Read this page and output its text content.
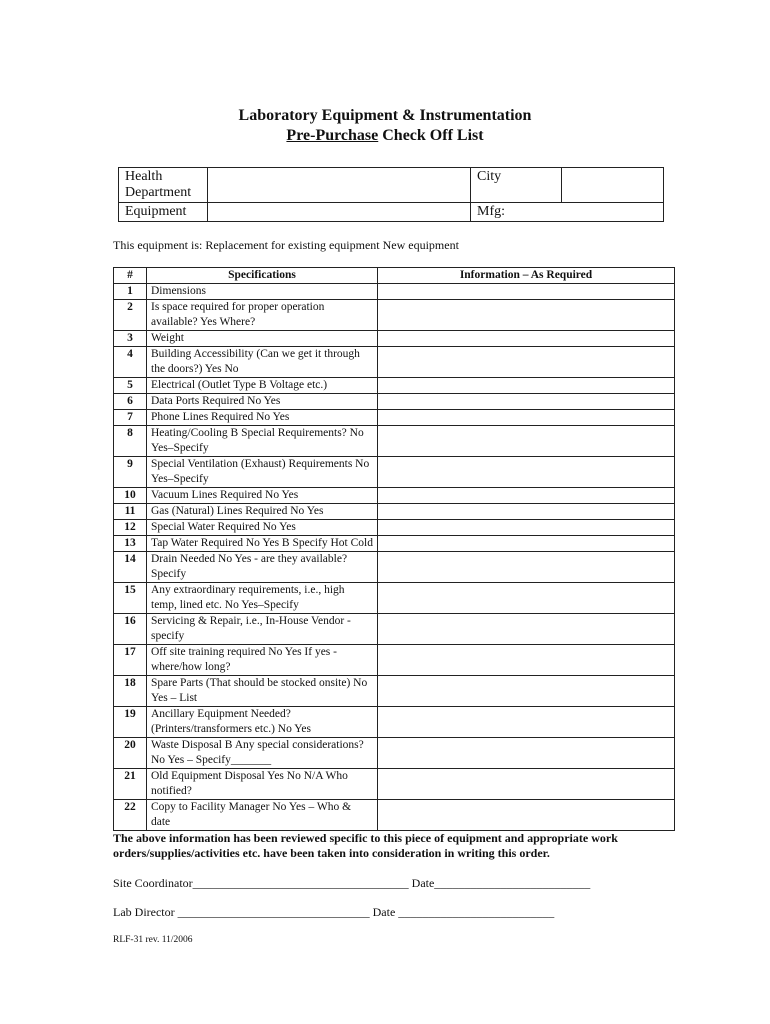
Laboratory Equipment & Instrumentation
Pre-Purchase Check Off List
Health Department		City	
Equipment		Mfg:	
This equipment is: Replacement for existing equipment New equipment
#	Specifications	Information – As Required
1	Dimensions	
2	Is space required for proper operation available? Yes Where?	
3	Weight	
4	Building Accessibility (Can we get it through the doors?) Yes No	
5	Electrical (Outlet Type B Voltage etc.)	
6	Data Ports Required No Yes	
7	Phone Lines Required No Yes	
8	Heating/Cooling B Special Requirements? No Yes–Specify	
9	Special Ventilation (Exhaust) Requirements No Yes–Specify	
10	Vacuum Lines Required No Yes	
11	Gas (Natural) Lines Required No Yes	
12	Special Water Required No Yes	
13	Tap Water Required No Yes B Specify Hot Cold	
14	Drain Needed No Yes - are they available? Specify	
15	Any extraordinary requirements, i.e., high temp, lined etc. No Yes–Specify	
16	Servicing & Repair, i.e., In-House Vendor - specify	
17	Off site training required No Yes If yes - where/how long?	
18	Spare Parts (That should be stocked onsite) No Yes – List	
19	Ancillary Equipment Needed? (Printers/transformers etc.) No Yes	
20	Waste Disposal B Any special considerations? No Yes – Specify_______	
21	Old Equipment Disposal Yes No N/A Who notified?	
22	Copy to Facility Manager No Yes – Who & date	
The above information has been reviewed specific to this piece of equipment and appropriate work orders/supplies/activities etc. have been taken into consideration in writing this order.
Site Coordinator____________________________________ Date__________________________
Lab Director ________________________________ Date __________________________
RLF-31 rev. 11/2006
